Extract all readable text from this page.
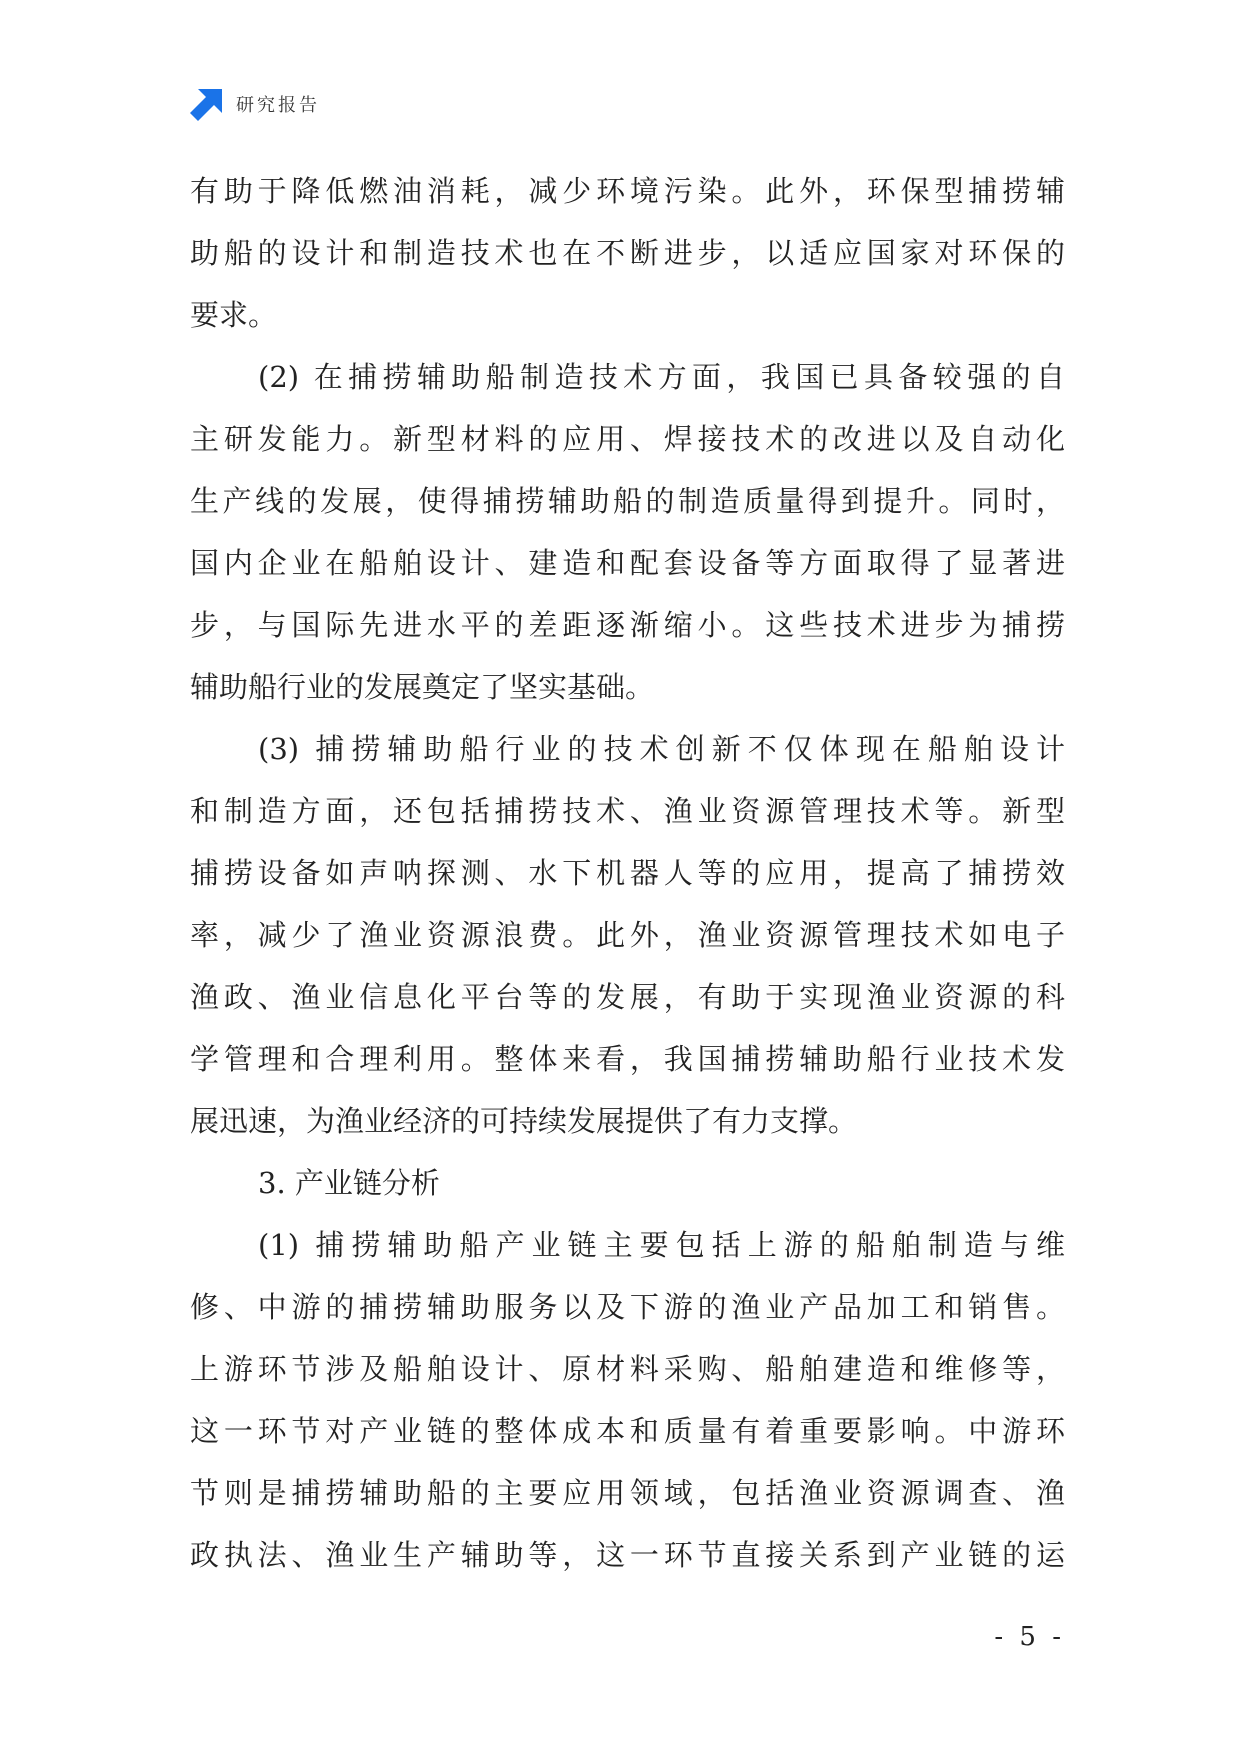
研究报告
有助于降低燃油消耗，减少环境污染。此外，环保型捕捞辅
助船的设计和制造技术也在不断进步，以适应国家对环保的
要求。
(2) 在捕捞辅助船制造技术方面，我国已具备较强的自
主研发能力。新型材料的应用、焊接技术的改进以及自动化
生产线的发展，使得捕捞辅助船的制造质量得到提升。同时，
国内企业在船舶设计、建造和配套设备等方面取得了显著进
步，与国际先进水平的差距逐渐缩小。这些技术进步为捕捞
辅助船行业的发展奠定了坚实基础。
(3) 捕捞辅助船行业的技术创新不仅体现在船舶设计
和制造方面，还包括捕捞技术、渔业资源管理技术等。新型
捕捞设备如声呐探测、水下机器人等的应用，提高了捕捞效
率，减少了渔业资源浪费。此外，渔业资源管理技术如电子
渔政、渔业信息化平台等的发展，有助于实现渔业资源的科
学管理和合理利用。整体来看，我国捕捞辅助船行业技术发
展迅速，为渔业经济的可持续发展提供了有力支撑。
3. 产业链分析
(1) 捕捞辅助船产业链主要包括上游的船舶制造与维
修、中游的捕捞辅助服务以及下游的渔业产品加工和销售。
上游环节涉及船舶设计、原材料采购、船舶建造和维修等，
这一环节对产业链的整体成本和质量有着重要影响。中游环
节则是捕捞辅助船的主要应用领域，包括渔业资源调查、渔
政执法、渔业生产辅助等，这一环节直接关系到产业链的运
- 5 -
